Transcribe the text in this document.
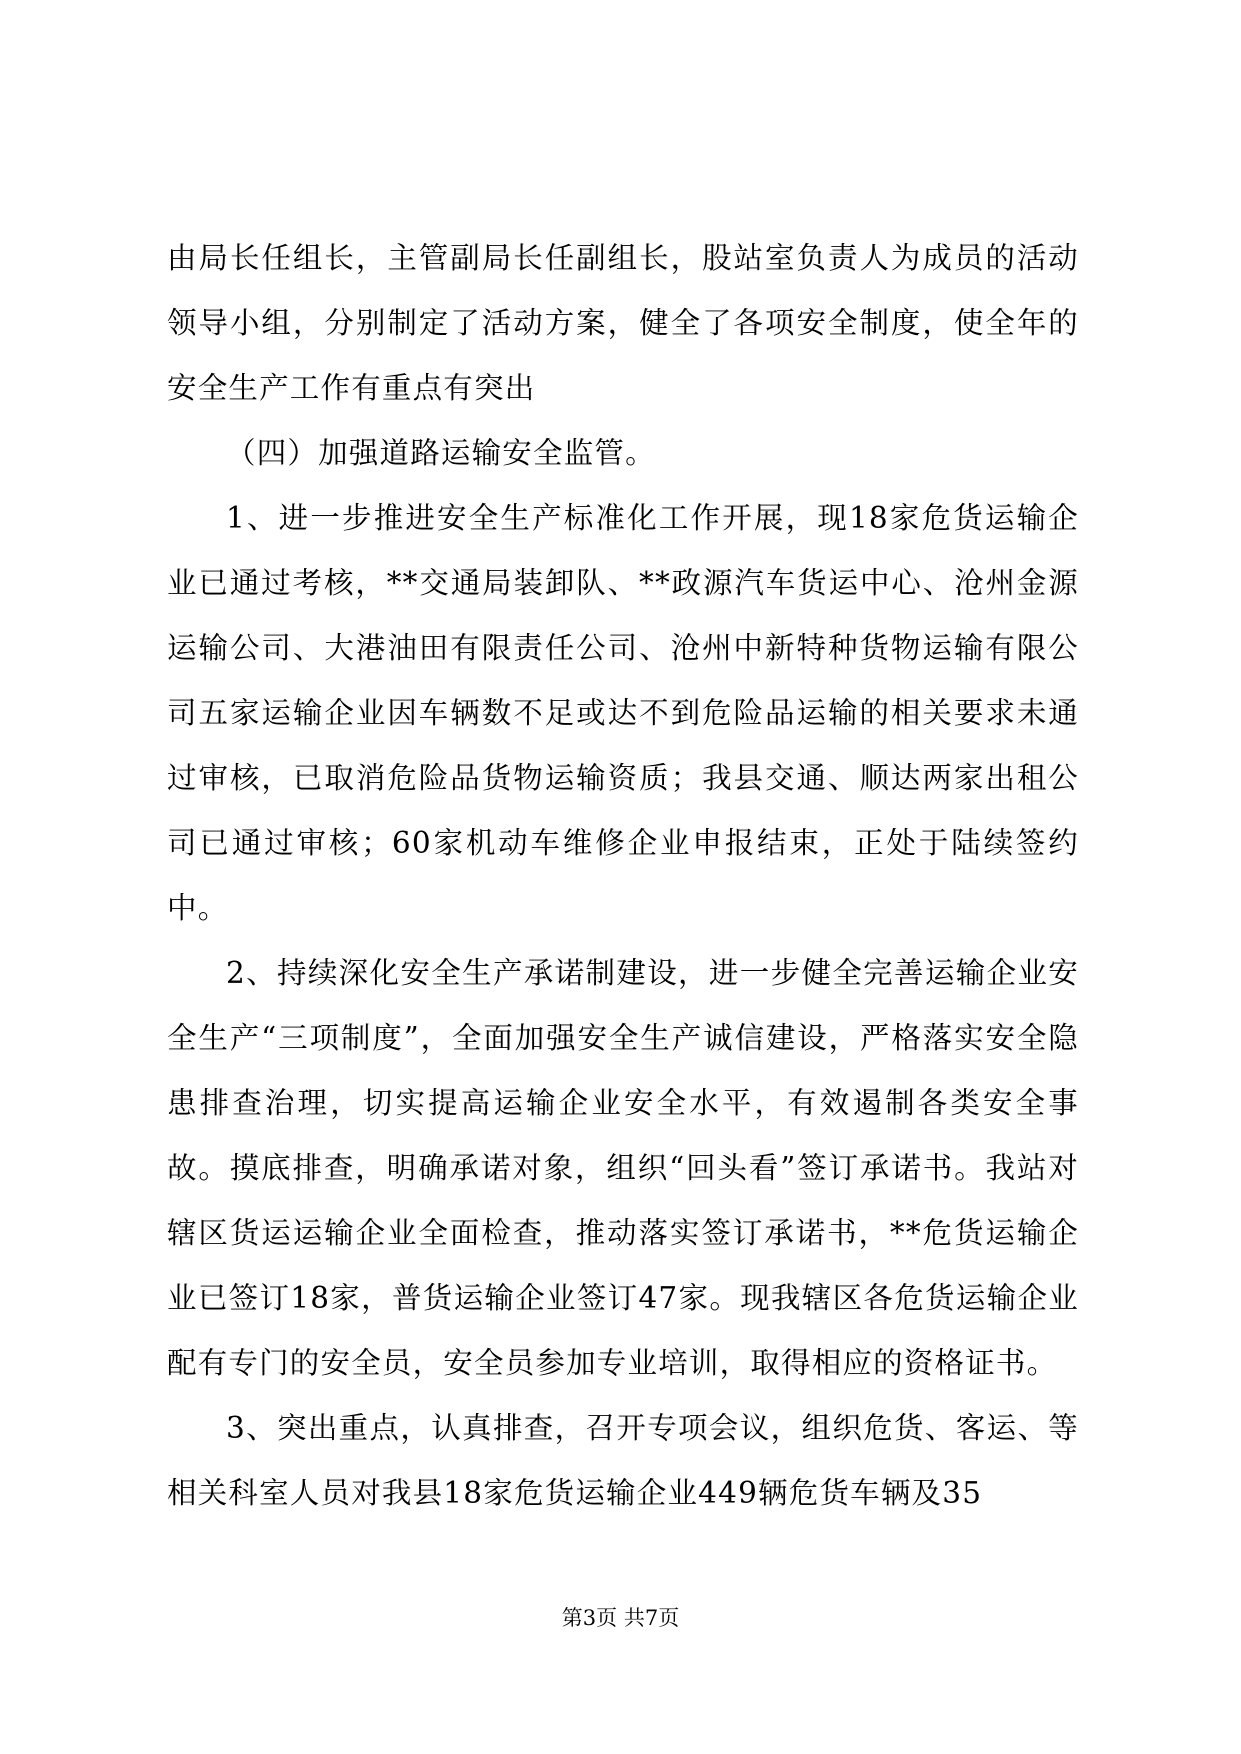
由局长任组长，主管副局长任副组长，股站室负责人为成员的活动领导小组，分别制定了活动方案，健全了各项安全制度，使全年的安全生产工作有重点有突出

（四）加强道路运输安全监管。

1、进一步推进安全生产标准化工作开展，现18家危货运输企业已通过考核，**交通局装卸队、**政源汽车货运中心、沧州金源运输公司、大港油田有限责任公司、沧州中新特种货物运输有限公司五家运输企业因车辆数不足或达不到危险品运输的相关要求未通过审核，已取消危险品货物运输资质；我县交通、顺达两家出租公司已通过审核；60家机动车维修企业申报结束，正处于陆续签约中。

2、持续深化安全生产承诺制建设，进一步健全完善运输企业安全生产“三项制度”，全面加强安全生产诚信建设，严格落实安全隐患排查治理，切实提高运输企业安全水平，有效遏制各类安全事故。摸底排查，明确承诺对象，组织“回头看”签订承诺书。我站对辖区货运运输企业全面检查，推动落实签订承诺书，**危货运输企业已签订18家，普货运输企业签订47家。现我辖区各危货运输企业配有专门的安全员，安全员参加专业培训，取得相应的资格证书。

3、突出重点，认真排查，召开专项会议，组织危货、客运、等相关科室人员对我县18家危货运输企业449辆危货车辆及35

第3页 共7页
